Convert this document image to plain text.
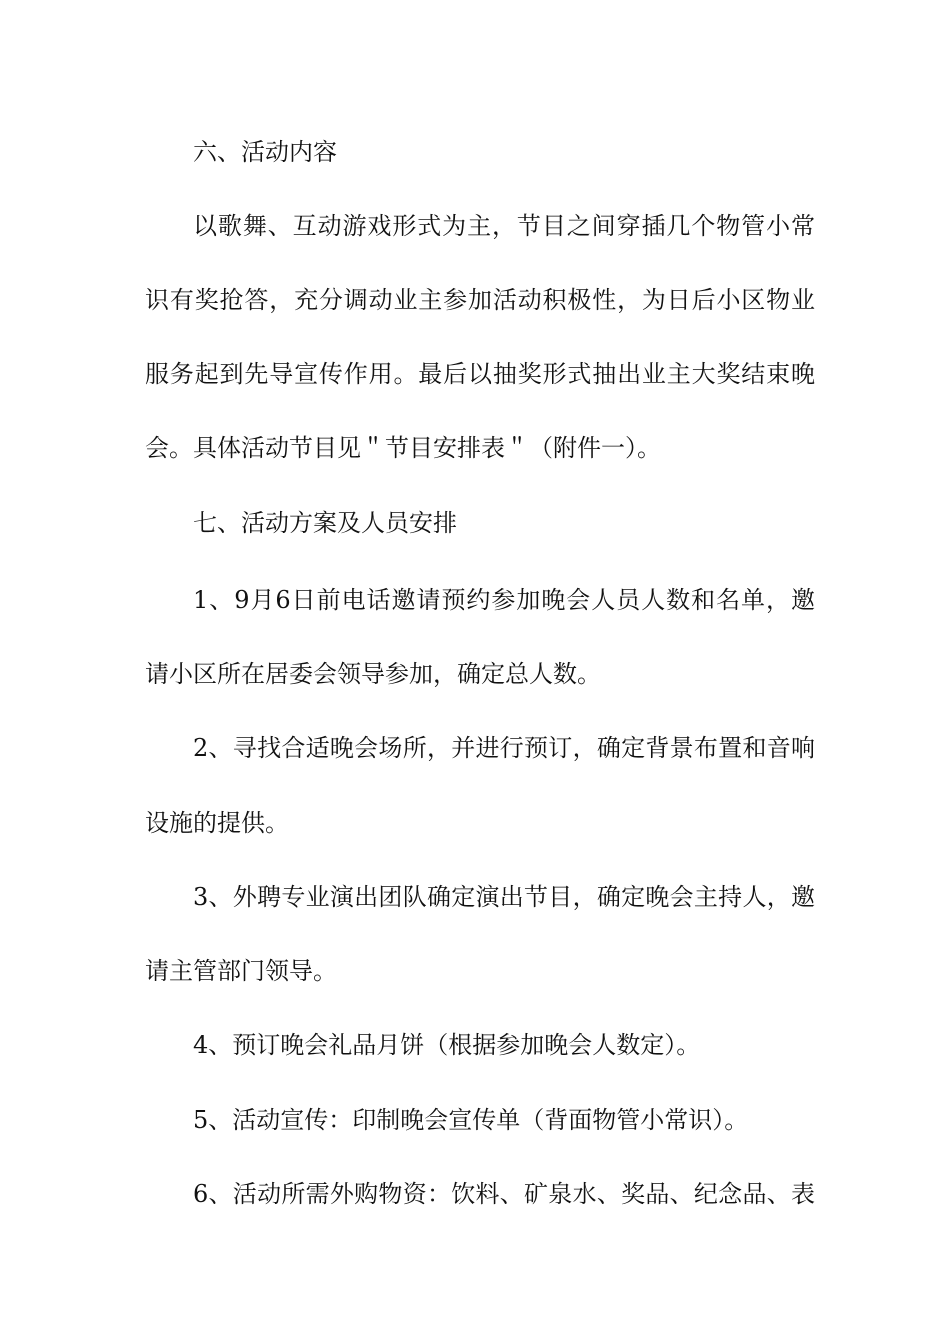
六、活动内容
以歌舞、互动游戏形式为主，节目之间穿插几个物管小常
识有奖抢答，充分调动业主参加活动积极性，为日后小区物业
服务起到先导宣传作用。最后以抽奖形式抽出业主大奖结束晚
会。具体活动节目见＂节目安排表＂（附件一）。
七、活动方案及人员安排
1、9月6日前电话邀请预约参加晚会人员人数和名单，邀
请小区所在居委会领导参加，确定总人数。
2、寻找合适晚会场所，并进行预订，确定背景布置和音响
设施的提供。
3、外聘专业演出团队确定演出节目，确定晚会主持人，邀
请主管部门领导。
4、预订晚会礼品月饼（根据参加晚会人数定）。
5、活动宣传：印制晚会宣传单（背面物管小常识）。
6、活动所需外购物资：饮料、矿泉水、奖品、纪念品、表
